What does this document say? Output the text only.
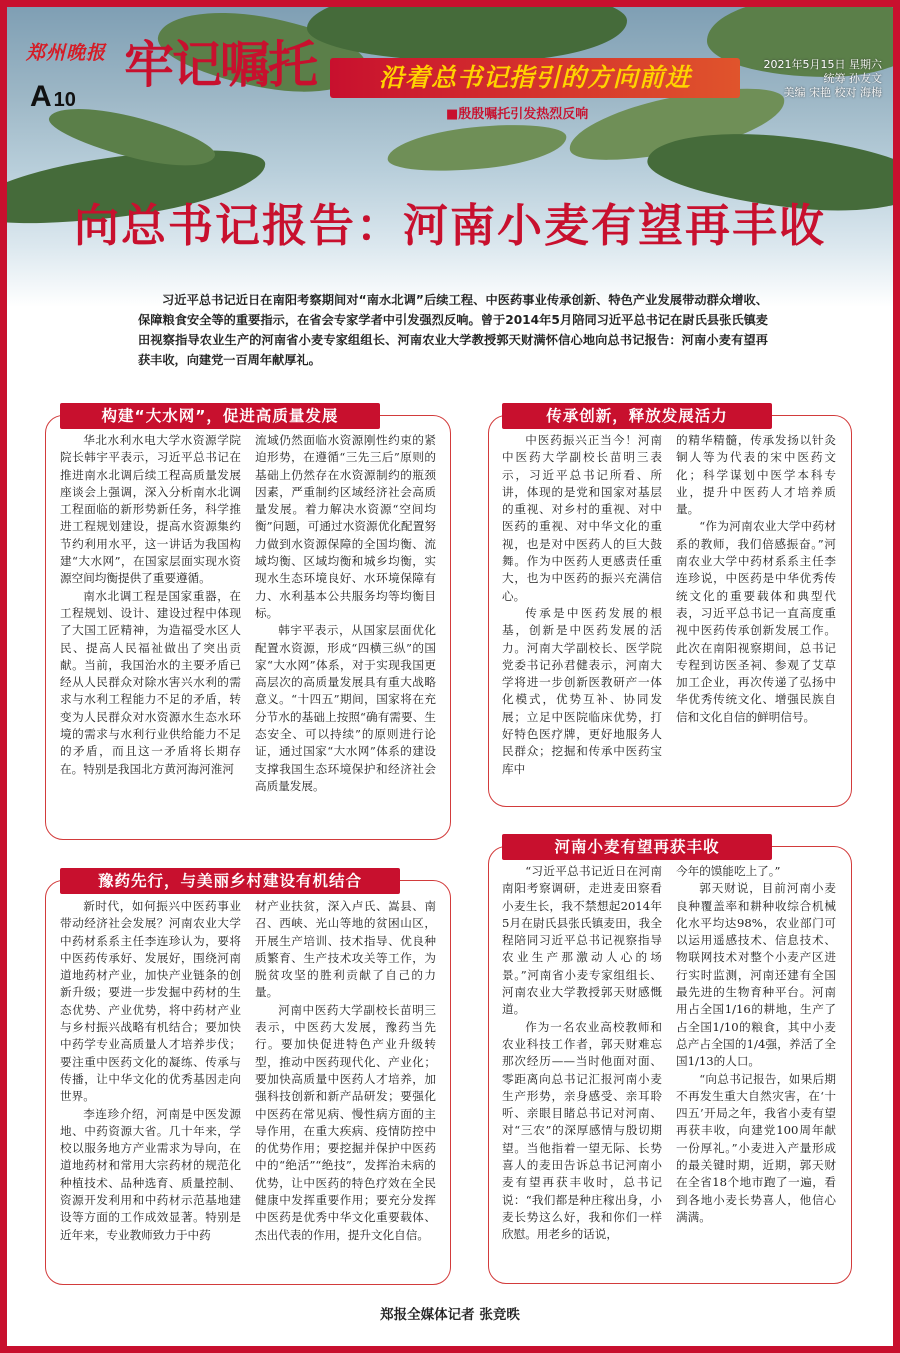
郑州晚报
A 10
牢记嘱托	沿着总书记指引的方向前进
■殷殷嘱托引发热烈反响
2021年5月15日 星期六
统筹 孙友文
美编 宋艳 校对 海梅
向总书记报告：河南小麦有望再丰收
习近平总书记近日在南阳考察期间对“南水北调”后续工程、中医药事业传承创新、特色产业发展带动群众增收、保障粮食安全等的重要指示，在省会专家学者中引发强烈反响。曾于2014年5月陪同习近平总书记在尉氏县张氏镇麦田视察指导农业生产的河南省小麦专家组组长、河南农业大学教授郭天财满怀信心地向总书记报告：河南小麦有望再获丰收，向建党一百周年献厚礼。
构建“大水网”，促进高质量发展

华北水利水电大学水资源学院院长韩宇平表示，习近平总书记在推进南水北调后续工程高质量发展座谈会上强调，深入分析南水北调工程面临的新形势新任务，科学推进工程规划建设，提高水资源集约节约利用水平，这一讲话为我国构建“大水网”，在国家层面实现水资源空间均衡提供了重要遵循。

南水北调工程是国家重器，在工程规划、设计、建设过程中体现了大国工匠精神，为造福受水区人民、提高人民福祉做出了突出贡献。当前，我国治水的主要矛盾已经从人民群众对除水害兴水利的需求与水利工程能力不足的矛盾，转变为人民群众对水资源水生态水环境的需求与水利行业供给能力不足的矛盾，而且这一矛盾将长期存在。特别是我国北方黄河海河淮河

流域仍然面临水资源刚性约束的紧迫形势，在遵循“三先三后”原则的基础上仍然存在水资源制约的瓶颈因素，严重制约区域经济社会高质量发展。着力解决水资源“空间均衡”问题，可通过水资源优化配置努力做到水资源保障的全国均衡、流域均衡、区域均衡和城乡均衡，实现水生态环境良好、水环境保障有力、水利基本公共服务均等均衡目标。

韩宇平表示，从国家层面优化配置水资源，形成“四横三纵”的国家“大水网”体系，对于实现我国更高层次的高质量发展具有重大战略意义。“十四五”期间，国家将在充分节水的基础上按照“确有需要、生态安全、可以持续”的原则进行论证，通过国家“大水网”体系的建设支撑我国生态环境保护和经济社会高质量发展。

传承创新，释放发展活力

中医药振兴正当今！河南中医药大学副校长苗明三表示，习近平总书记所看、所讲，体现的是党和国家对基层的重视、对乡村的重视、对中医药的重视、对中华文化的重视，也是对中医药人的巨大鼓舞。作为中医药人更感责任重大，也为中医药的振兴充满信心。

传承是中医药发展的根基，创新是中医药发展的活力。河南大学副校长、医学院党委书记孙君健表示，河南大学将进一步创新医教研产一体化模式，优势互补、协同发展；立足中医院临床优势，打好特色医疗牌，更好地服务人民群众；挖掘和传承中医药宝库中

的精华精髓，传承发扬以针灸铜人等为代表的宋中医药文化；科学谋划中医学本科专业，提升中医药人才培养质量。

“作为河南农业大学中药材系的教师，我们倍感振奋。”河南农业大学中药材系系主任李连珍说，中医药是中华优秀传统文化的重要载体和典型代表，习近平总书记一直高度重视中医药传承创新发展工作。此次在南阳视察期间，总书记专程到访医圣祠、参观了艾草加工企业，再次传递了弘扬中华优秀传统文化、增强民族自信和文化自信的鲜明信号。

豫药先行，与美丽乡村建设有机结合

新时代，如何振兴中医药事业带动经济社会发展？河南农业大学中药材系系主任李连珍认为，要将中医药传承好、发展好，围绕河南道地药材产业，加快产业链条的创新升级；要进一步发掘中药材的生态优势、产业优势，将中药材产业与乡村振兴战略有机结合；要加快中药学专业高质量人才培养步伐；要注重中医药文化的凝练、传承与传播，让中华文化的优秀基因走向世界。

李连珍介绍，河南是中医发源地、中药资源大省。几十年来，学校以服务地方产业需求为导向，在道地药材和常用大宗药材的规范化种植技术、品种选育、质量控制、资源开发利用和中药材示范基地建设等方面的工作成效显著。特别是近年来，专业教师致力于中药

材产业扶贫，深入卢氏、嵩县、南召、西峡、光山等地的贫困山区，开展生产培训、技术指导、优良种质繁育、生产技术攻关等工作，为脱贫攻坚的胜利贡献了自己的力量。

河南中医药大学副校长苗明三表示，中医药大发展，豫药当先行。要加快促进特色产业升级转型，推动中医药现代化、产业化；要加快高质量中医药人才培养，加强科技创新和新产品研发；要强化中医药在常见病、慢性病方面的主导作用，在重大疾病、疫情防控中的优势作用；要挖掘并保护中医药中的“绝活”“绝技”，发挥治未病的优势，让中医药的特色疗效在全民健康中发挥重要作用；要充分发挥中医药是优秀中华文化重要载体、杰出代表的作用，提升文化自信。

河南小麦有望再获丰收

“习近平总书记近日在河南南阳考察调研，走进麦田察看小麦生长，我不禁想起2014年5月在尉氏县张氏镇麦田，我全程陪同习近平总书记视察指导农业生产那激动人心的场景。”河南省小麦专家组组长、河南农业大学教授郭天财感慨道。

作为一名农业高校教师和农业科技工作者，郭天财难忘那次经历——当时他面对面、零距离向总书记汇报河南小麦生产形势，亲身感受、亲耳聆听、亲眼目睹总书记对河南、对“三农”的深厚感情与殷切期望。当他指着一望无际、长势喜人的麦田告诉总书记河南小麦有望再获丰收时，总书记说：“我们都是种庄稼出身，小麦长势这么好，我和你们一样欣慰。用老乡的话说，

今年的馍能吃上了。”

郭天财说，目前河南小麦良种覆盖率和耕种收综合机械化水平均达98%，农业部门可以运用遥感技术、信息技术、物联网技术对整个小麦产区进行实时监测，河南还建有全国最先进的生物育种平台。河南用占全国1/16的耕地，生产了占全国1/10的粮食，其中小麦总产占全国的1/4强，养活了全国1/13的人口。

“向总书记报告，如果后期不再发生重大自然灾害，在‘十四五’开局之年，我省小麦有望再获丰收，向建党100周年献一份厚礼。”小麦进入产量形成的最关键时期，近期，郭天财在全省18个地市跑了一遍，看到各地小麦长势喜人，他信心满满。

郑报全媒体记者 张竞昳
